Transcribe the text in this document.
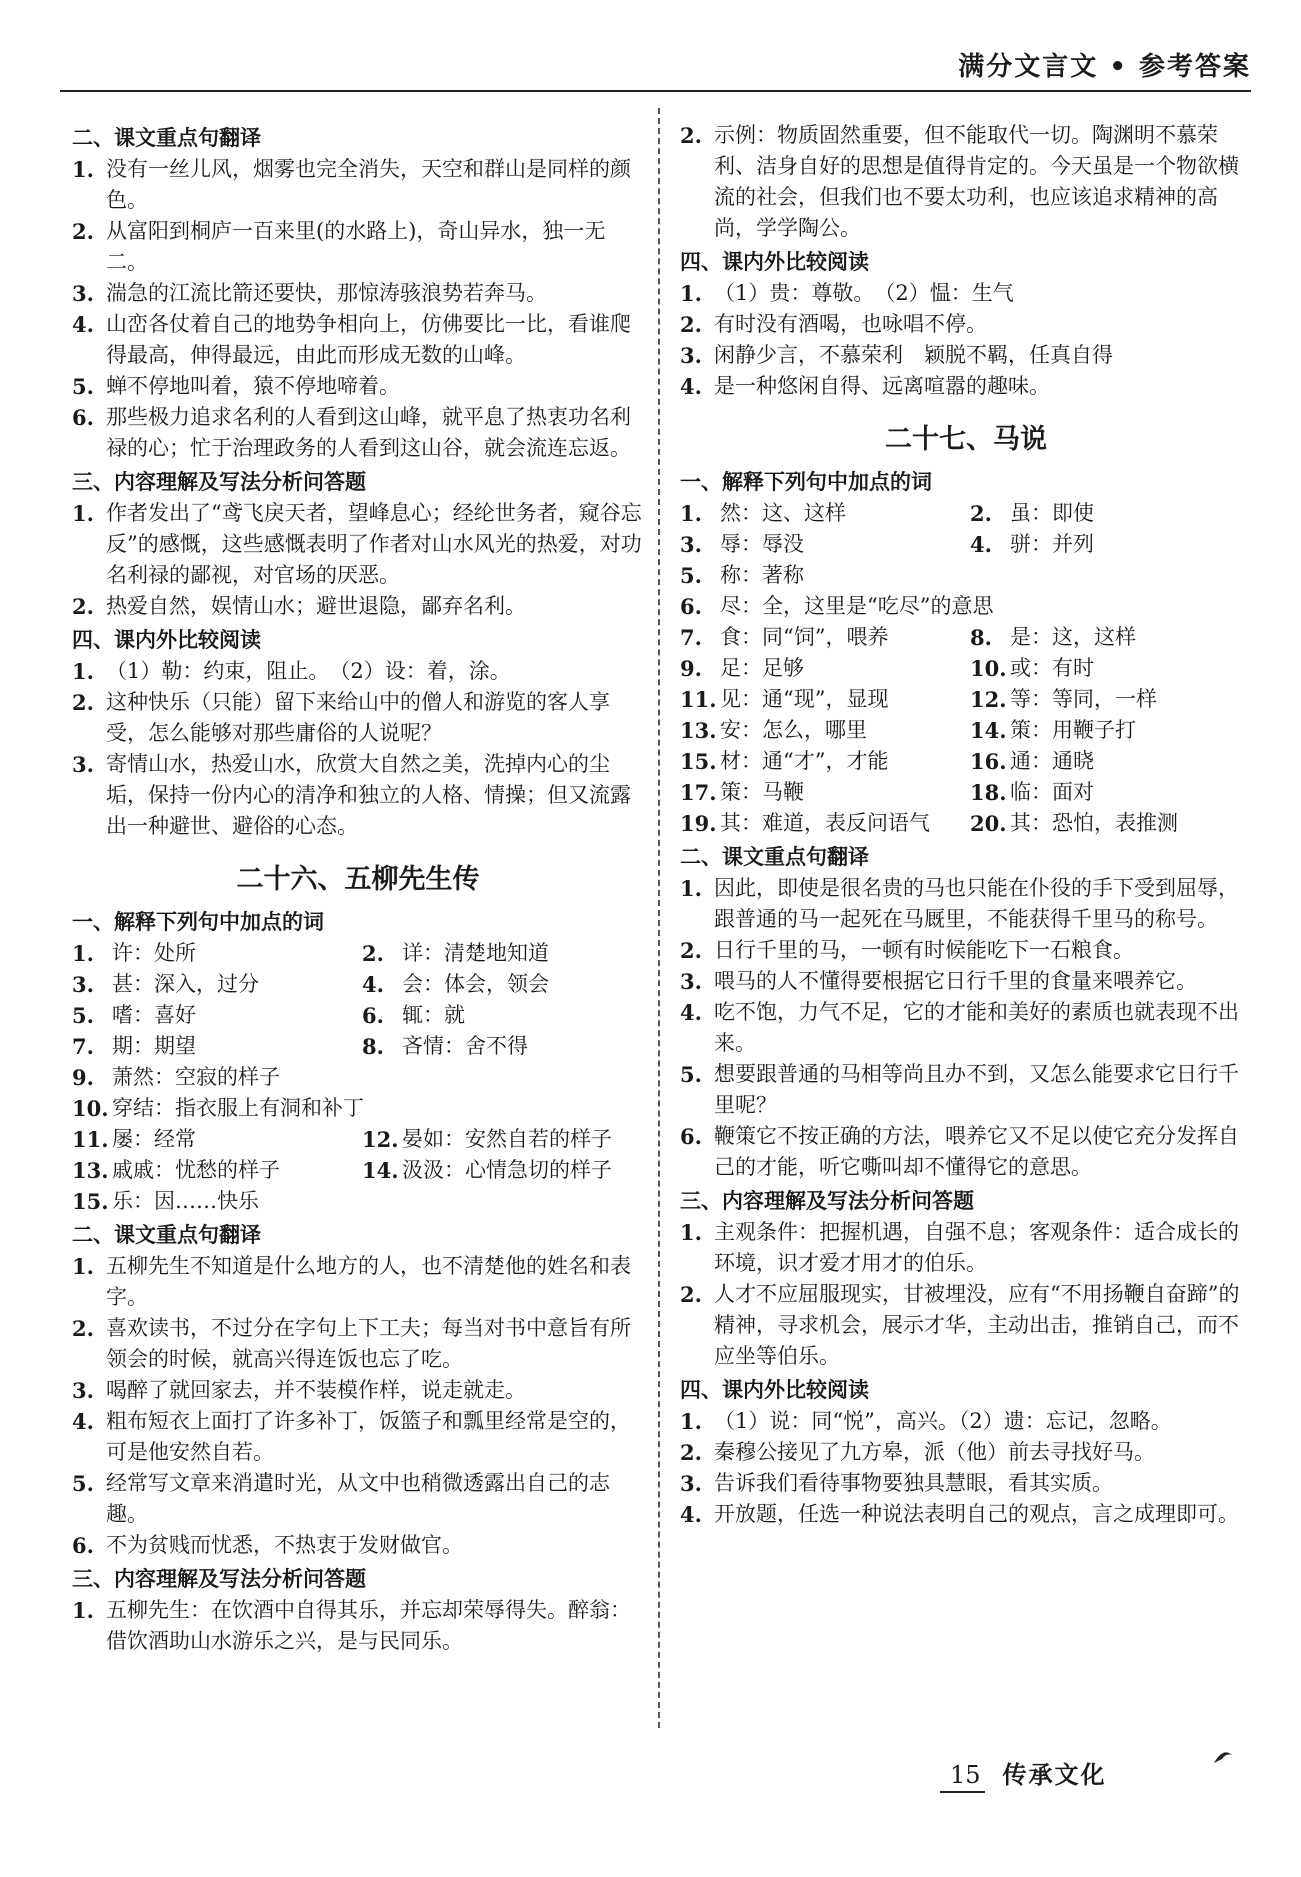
满分文言文 • 参考答案
二、课文重点句翻译
1. 没有一丝儿风，烟雾也完全消失，天空和群山是同样的颜色。
2. 从富阳到桐庐一百来里(的水路上)，奇山异水，独一无二。
3. 湍急的江流比箭还要快，那惊涛骇浪势若奔马。
4. 山峦各仗着自己的地势争相向上，仿佛要比一比，看谁爬得最高，伸得最远，由此而形成无数的山峰。
5. 蝉不停地叫着，猿不停地啼着。
6. 那些极力追求名利的人看到这山峰，就平息了热衷功名利禄的心；忙于治理政务的人看到这山谷，就会流连忘返。
三、内容理解及写法分析问答题
1. 作者发出了“鸢飞戾天者，望峰息心；经纶世务者，窥谷忘反”的感慨，这些感慨表明了作者对山水风光的热爱，对功名利禄的鄙视，对官场的厌恶。
2. 热爱自然，娱情山水；避世退隐，鄙弃名利。
四、课内外比较阅读
1. （1）勒：约束，阻止。　（2）设：着，涂。
2. 这种快乐（只能）留下来给山中的僧人和游览的客人享受，怎么能够对那些庸俗的人说呢？
3. 寄情山水，热爱山水，欣赏大自然之美，洗掉内心的尘垢，保持一份内心的清净和独立的人格、情操；但又流露出一种避世、避俗的心态。
二十六、五柳先生传
一、解释下列句中加点的词
1. 许：处所	2. 详：清楚地知道
3. 甚：深入，过分	4. 会：体会，领会
5. 嗜：喜好	6. 辄：就
7. 期：期望	8. 吝情：舍不得
9. 萧然：空寂的样子
10. 穿结：指衣服上有洞和补丁
11. 屡：经常	12. 晏如：安然自若的样子
13. 戚戚：忧愁的样子	14. 汲汲：心情急切的样子
15. 乐：因……快乐
二、课文重点句翻译
1. 五柳先生不知道是什么地方的人，也不清楚他的姓名和表字。
2. 喜欢读书，不过分在字句上下工夫；每当对书中意旨有所领会的时候，就高兴得连饭也忘了吃。
3. 喝醉了就回家去，并不装模作样，说走就走。
4. 粗布短衣上面打了许多补丁，饭篮子和瓢里经常是空的，可是他安然自若。
5. 经常写文章来消遣时光，从文中也稍微透露出自己的志趣。
6. 不为贫贱而忧悉，不热衷于发财做官。
三、内容理解及写法分析问答题
1. 五柳先生：在饮酒中自得其乐，并忘却荣辱得失。醉翁：借饮酒助山水游乐之兴，是与民同乐。
2. 示例：物质固然重要，但不能取代一切。陶渊明不慕荣利、洁身自好的思想是值得肯定的。今天虽是一个物欲横流的社会，但我们也不要太功利，也应该追求精神的高尚，学学陶公。
四、课内外比较阅读
1. （1）贵：尊敬。　（2）愠：生气
2. 有时没有酒喝，也咏唱不停。
3. 闲静少言，不慕荣利　颖脱不羁，任真自得
4. 是一种悠闲自得、远离喧嚣的趣味。
二十七、马说
一、解释下列句中加点的词
1. 然：这、这样	2. 虽：即使
3. 辱：辱没	4. 骈：并列
5. 称：著称
6. 尽：全，这里是“吃尽”的意思
7. 食：同“饲”，喂养	8. 是：这，这样
9. 足：足够	10. 或：有时
11. 见：通“现”，显现	12. 等：等同，一样
13. 安：怎么，哪里	14. 策：用鞭子打
15. 材：通“才”，才能	16. 通：通晓
17. 策：马鞭	18. 临：面对
19. 其：难道，表反问语气 20. 其：恐怕，表推测
二、课文重点句翻译
1. 因此，即使是很名贵的马也只能在仆役的手下受到屈辱，跟普通的马一起死在马厩里，不能获得千里马的称号。
2. 日行千里的马，一顿有时候能吃下一石粮食。
3. 喂马的人不懂得要根据它日行千里的食量来喂养它。
4. 吃不饱，力气不足，它的才能和美好的素质也就表现不出来。
5. 想要跟普通的马相等尚且办不到，又怎么能要求它日行千里呢？
6. 鞭策它不按正确的方法，喂养它又不足以使它充分发挥自己的才能，听它嘶叫却不懂得它的意思。
三、内容理解及写法分析问答题
1. 主观条件：把握机遇，自强不息；客观条件：适合成长的环境，识才爱才用才的伯乐。
2. 人才不应屈服现实，甘被埋没，应有“不用扬鞭自奋蹄”的精神，寻求机会，展示才华，主动出击，推销自己，而不应坐等伯乐。
四、课内外比较阅读
1. （1）说：同“悦”，高兴。（2）遗：忘记，忽略。
2. 秦穆公接见了九方皋，派（他）前去寻找好马。
3. 告诉我们看待事物要独具慧眼，看其实质。
4. 开放题，任选一种说法表明自己的观点，言之成理即可。
15 传承文化
